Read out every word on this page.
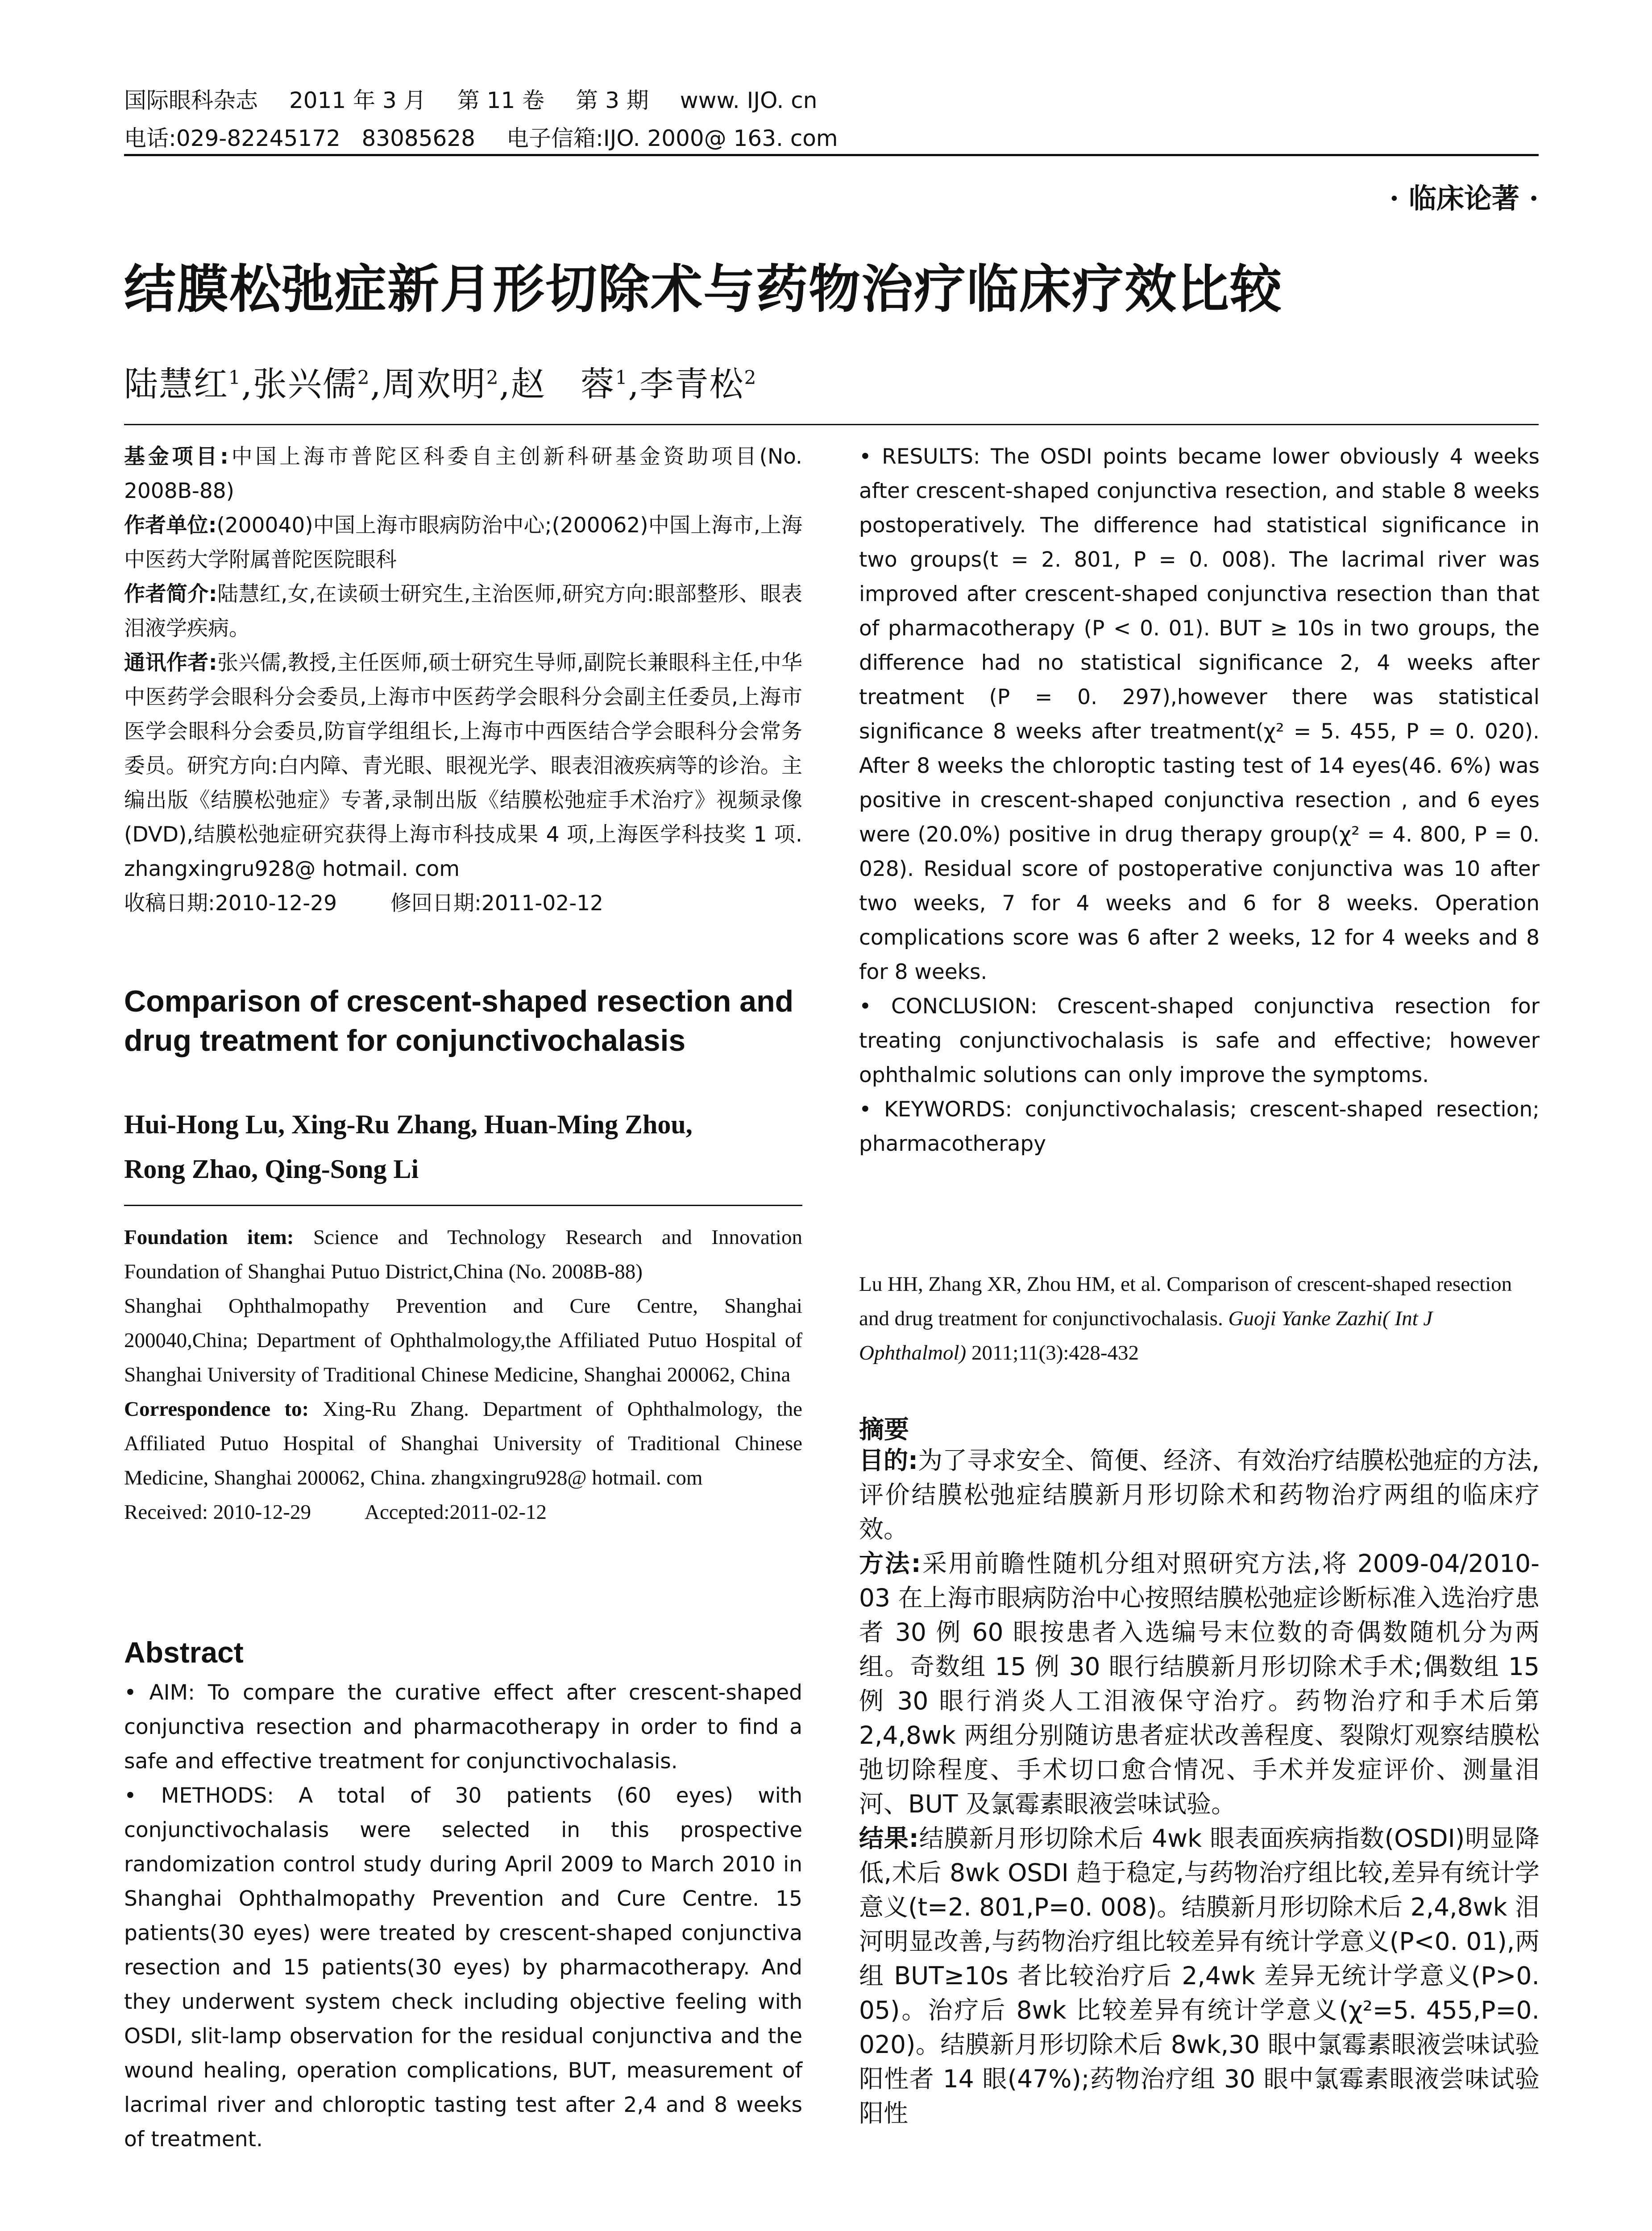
国际眼科杂志 2011 年 3 月 第 11 卷 第 3 期 www. IJO. cn
电话:029-82245172   83085628 电子信箱:IJO. 2000@ 163. com
· 临床论著 ·
结膜松弛症新月形切除术与药物治疗临床疗效比较
陆慧红$^1$,张兴儒$^2$,周欢明$^2$,赵　蓉$^1$,李青松$^2$

基金项目:中国上海市普陀区科委自主创新科研基金资助项目(No. 2008B-88)

作者单位:(200040)中国上海市眼病防治中心;(200062)中国上海市,上海中医药大学附属普陀医院眼科

作者简介:陆慧红,女,在读硕士研究生,主治医师,研究方向:眼部整形、眼表泪液学疾病。

通讯作者:张兴儒,教授,主任医师,硕士研究生导师,副院长兼眼科主任,中华中医药学会眼科分会委员,上海市中医药学会眼科分会副主任委员,上海市医学会眼科分会委员,防盲学组组长,上海市中西医结合学会眼科分会常务委员。研究方向:白内障、青光眼、眼视光学、眼表泪液疾病等的诊治。主编出版《结膜松弛症》专著,录制出版《结膜松弛症手术治疗》视频录像(DVD),结膜松弛症研究获得上海市科技成果 4 项,上海医学科技奖 1 项. zhangxingru928@ hotmail. com

收稿日期:2010-12-29	修回日期:2011-02-12

Comparison of crescent-shaped resection and drug treatment for conjunctivochalasis
Hui-Hong Lu, Xing-Ru Zhang, Huan-Ming Zhou,
Rong Zhao, Qing-Song Li

Foundation item: Science and Technology Research and Innovation Foundation of Shanghai Putuo District,China (No. 2008B-88)

Shanghai Ophthalmopathy Prevention and Cure Centre, Shanghai 200040,China; Department of Ophthalmology,the Affiliated Putuo Hospital of Shanghai University of Traditional Chinese Medicine, Shanghai 200062, China

Correspondence to: Xing-Ru Zhang. Department of Ophthalmology, the Affiliated Putuo Hospital of Shanghai University of Traditional Chinese Medicine, Shanghai 200062, China. zhangxingru928@ hotmail. com

Received: 2010-12-29	Accepted:2011-02-12

Abstract

• AIM: To compare the curative effect after crescent-shaped conjunctiva resection and pharmacotherapy in order to find a safe and effective treatment for conjunctivochalasis.

• METHODS: A total of 30 patients (60 eyes) with conjunctivochalasis were selected in this prospective randomization control study during April 2009 to March 2010 in Shanghai Ophthalmopathy Prevention and Cure Centre. 15 patients(30 eyes) were treated by crescent-shaped conjunctiva resection and 15 patients(30 eyes) by pharmacotherapy. And they underwent system check including objective feeling with OSDI, slit-lamp observation for the residual conjunctiva and the wound healing, operation complications, BUT, measurement of lacrimal river and chloroptic tasting test after 2,4 and 8 weeks of treatment.

• RESULTS: The OSDI points became lower obviously 4 weeks after crescent-shaped conjunctiva resection, and stable 8 weeks postoperatively. The difference had statistical significance in two groups(t = 2. 801, P = 0. 008). The lacrimal river was improved after crescent-shaped conjunctiva resection than that of pharmacotherapy (P < 0. 01). BUT ≥ 10s in two groups, the difference had no statistical significance 2, 4 weeks after treatment (P = 0. 297),however there was statistical significance 8 weeks after treatment(χ² = 5. 455, P = 0. 020). After 8 weeks the chloroptic tasting test of 14 eyes(46. 6%) was positive in crescent-shaped conjunctiva resection , and 6 eyes were (20.0%) positive in drug therapy group(χ² = 4. 800, P = 0. 028). Residual score of postoperative conjunctiva was 10 after two weeks, 7 for 4 weeks and 6 for 8 weeks. Operation complications score was 6 after 2 weeks, 12 for 4 weeks and 8 for 8 weeks.

• CONCLUSION: Crescent-shaped conjunctiva resection for treating conjunctivochalasis is safe and effective; however ophthalmic solutions can only improve the symptoms.

• KEYWORDS: conjunctivochalasis; crescent-shaped resection; pharmacotherapy

Lu HH, Zhang XR, Zhou HM, et al. Comparison of crescent-shaped resection and drug treatment for conjunctivochalasis. Guoji Yanke Zazhi( Int J Ophthalmol) 2011;11(3):428-432
摘要

目的:为了寻求安全、简便、经济、有效治疗结膜松弛症的方法,评价结膜松弛症结膜新月形切除术和药物治疗两组的临床疗效。

方法:采用前瞻性随机分组对照研究方法,将 2009-04/2010-03 在上海市眼病防治中心按照结膜松弛症诊断标准入选治疗患者 30 例 60 眼按患者入选编号末位数的奇偶数随机分为两组。奇数组 15 例 30 眼行结膜新月形切除术手术;偶数组 15 例 30 眼行消炎人工泪液保守治疗。药物治疗和手术后第 2,4,8wk 两组分别随访患者症状改善程度、裂隙灯观察结膜松弛切除程度、手术切口愈合情况、手术并发症评价、测量泪河、BUT 及氯霉素眼液尝味试验。

结果:结膜新月形切除术后 4wk 眼表面疾病指数(OSDI)明显降低,术后 8wk OSDI 趋于稳定,与药物治疗组比较,差异有统计学意义(t=2. 801,P=0. 008)。结膜新月形切除术后 2,4,8wk 泪河明显改善,与药物治疗组比较差异有统计学意义(P<0. 01),两组 BUT≥10s 者比较治疗后 2,4wk 差异无统计学意义(P>0. 05)。治疗后 8wk 比较差异有统计学意义(χ²=5. 455,P=0. 020)。结膜新月形切除术后 8wk,30 眼中氯霉素眼液尝味试验阳性者 14 眼(47%);药物治疗组 30 眼中氯霉素眼液尝味试验阳性
